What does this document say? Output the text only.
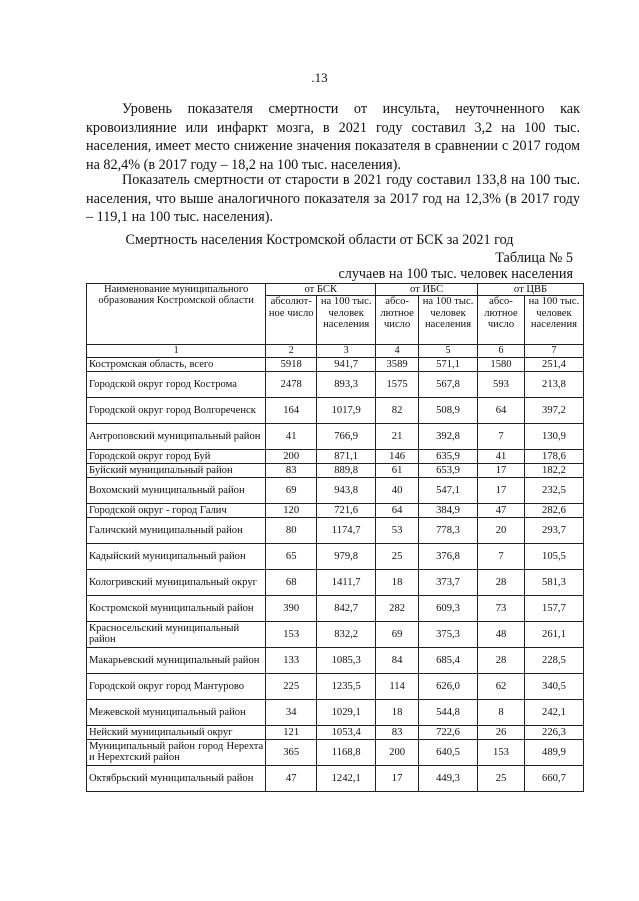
.13

Уровень показателя смертности от инсульта, неуточненного как кровоизлияние или инфаркт мозга, в 2021 году составил 3,2 на 100 тыс. населения, имеет место снижение значения показателя в сравнении с 2017 годом на 82,4% (в 2017 году – 18,2 на 100 тыс. населения).

Показатель смертности от старости в 2021 году составил 133,8 на 100 тыс. населения, что выше аналогичного показателя за 2017 год на 12,3% (в 2017 году – 119,1 на 100 тыс. населения).

Смертность населения Костромской области от БСК за 2021 год
Таблица № 5
случаев на 100 тыс. человек населения
Наименование муниципального образования Костромской области	от БСК		от ИБС		от ЦВБ	
	абсолют-ное число	на 100 тыс. человек населения	абсо-лютное число	на 100 тыс. человек населения	абсо-лютное число	на 100 тыс. человек населения
1	2	3	4	5	6	7
Костромская область, всего	5918	941,7	3589	571,1	1580	251,4
Городской округ город Кострома	2478	893,3	1575	567,8	593	213,8
Городской округ город Волгореченск	164	1017,9	82	508,9	64	397,2
Антроповский муниципальный район	41	766,9	21	392,8	7	130,9
Городской округ город Буй	200	871,1	146	635,9	41	178,6
Буйский муниципальный район	83	889,8	61	653,9	17	182,2
Вохомский муниципальный район	69	943,8	40	547,1	17	232,5
Городской округ - город Галич	120	721,6	64	384,9	47	282,6
Галичский муниципальный район	80	1174,7	53	778,3	20	293,7
Кадыйский муниципальный район	65	979,8	25	376,8	7	105,5
Кологривский муниципальный округ	68	1411,7	18	373,7	28	581,3
Костромской муниципальный район	390	842,7	282	609,3	73	157,7
Красносельский муниципальный район	153	832,2	69	375,3	48	261,1
Макарьевский муниципальный район	133	1085,3	84	685,4	28	228,5
Городской округ город Мантурово	225	1235,5	114	626,0	62	340,5
Межевской муниципальный район	34	1029,1	18	544,8	8	242,1
Нейский муниципальный округ	121	1053,4	83	722,6	26	226,3
Муниципальный район город Нерехта и Нерехтский район	365	1168,8	200	640,5	153	489,9
Октябрьский муниципальный район	47	1242,1	17	449,3	25	660,7
